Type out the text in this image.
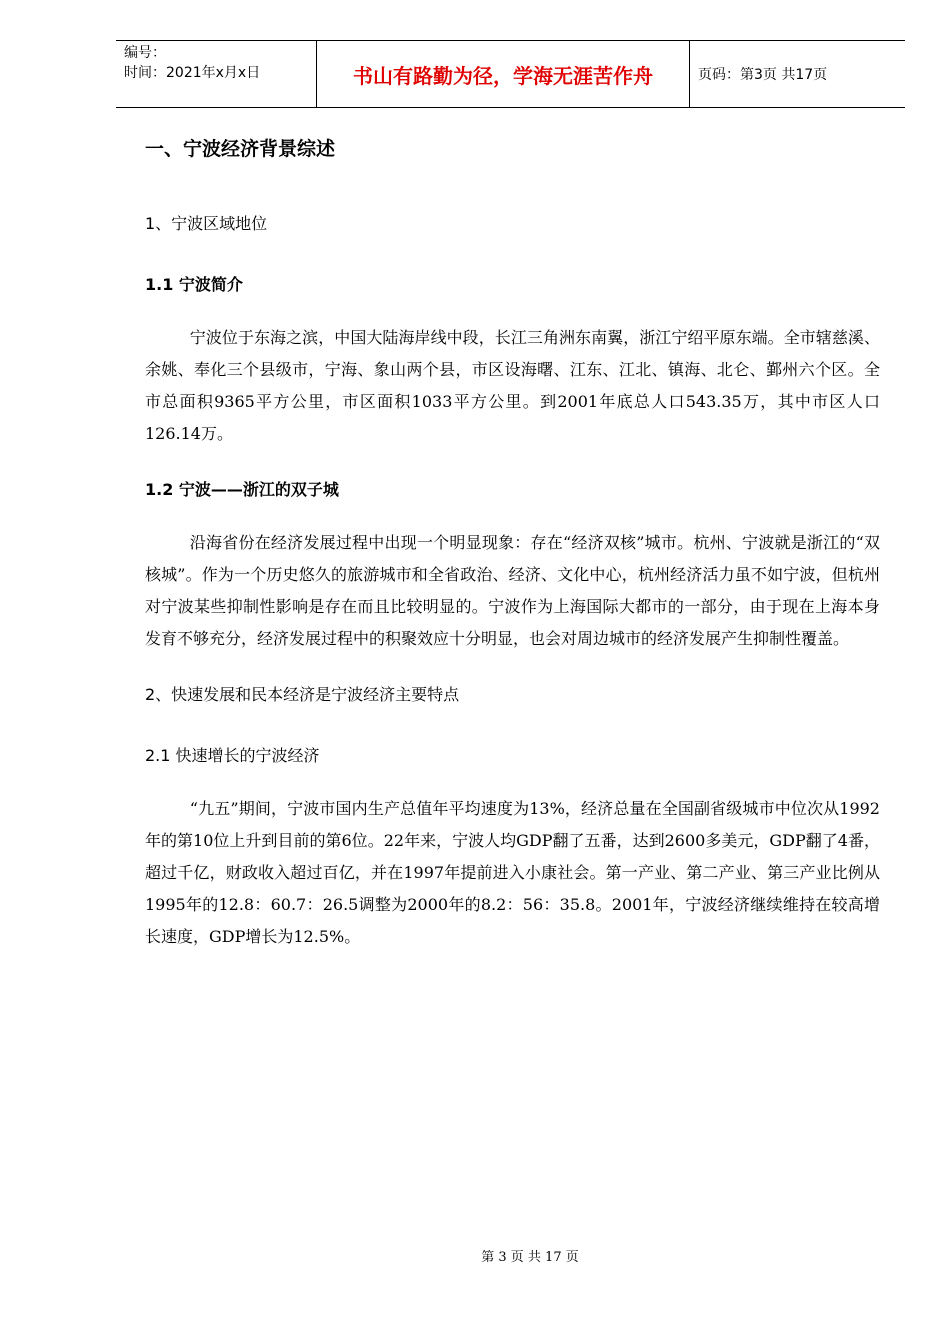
编号：
时间：2021年x月x日	书山有路勤为径，学海无涯苦作舟	页码：第3页 共17页
一、宁波经济背景综述
1、宁波区域地位
1.1 宁波简介

宁波位于东海之滨，中国大陆海岸线中段，长江三角洲东南翼，浙江宁绍平原东端。全市辖慈溪、余姚、奉化三个县级市，宁海、象山两个县，市区设海曙、江东、江北、镇海、北仑、鄞州六个区。全市总面积9365平方公里，市区面积1033平方公里。到2001年底总人口543.35万，其中市区人口126.14万。

1.2 宁波——浙江的双子城

沿海省份在经济发展过程中出现一个明显现象：存在“经济双核”城市。杭州、宁波就是浙江的“双核城”。作为一个历史悠久的旅游城市和全省政治、经济、文化中心，杭州经济活力虽不如宁波，但杭州对宁波某些抑制性影响是存在而且比较明显的。宁波作为上海国际大都市的一部分，由于现在上海本身发育不够充分，经济发展过程中的积聚效应十分明显，也会对周边城市的经济发展产生抑制性覆盖。

2、快速发展和民本经济是宁波经济主要特点
2.1 快速增长的宁波经济

“九五”期间，宁波市国内生产总值年平均速度为13%，经济总量在全国副省级城市中位次从1992年的第10位上升到目前的第6位。22年来，宁波人均GDP翻了五番，达到2600多美元，GDP翻了4番，超过千亿，财政收入超过百亿，并在1997年提前进入小康社会。第一产业、第二产业、第三产业比例从1995年的12.8：60.7：26.5调整为2000年的8.2：56：35.8。2001年，宁波经济继续维持在较高增长速度，GDP增长为12.5%。

第 3 页 共 17 页
